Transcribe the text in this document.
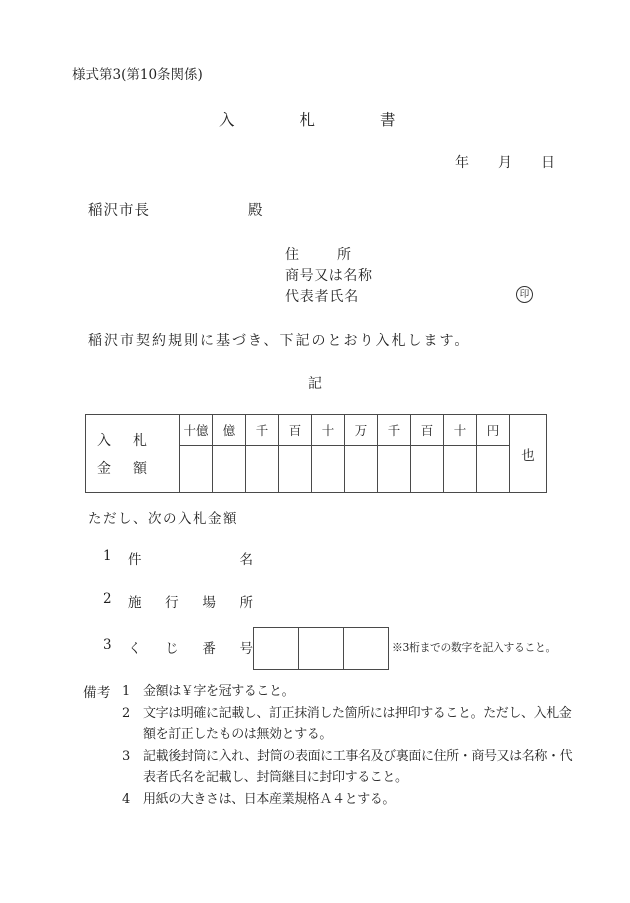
様式第3(第10条関係)
入札書
年月日
稲沢市長	殿
住所
商号又は名称
代表者氏名	印
稲沢市契約規則に基づき、下記のとおり入札します。
記
入 札
金 額	十億	億	千	百	十	万	千	百	十	円	也

ただし、次の入札金額
1	件	名
2	施 行 場 所
3	く じ 番 号	※3桁までの数字を記入すること。
備考 1 金額は￥字を冠すること。
2 文字は明確に記載し、訂正抹消した箇所には押印すること。ただし、入札金額を訂正したものは無効とする。
3 記載後封筒に入れ、封筒の表面に工事名及び裏面に住所・商号又は名称・代表者氏名を記載し、封筒継目に封印すること。
4 用紙の大きさは、日本産業規格Ａ４とする。
